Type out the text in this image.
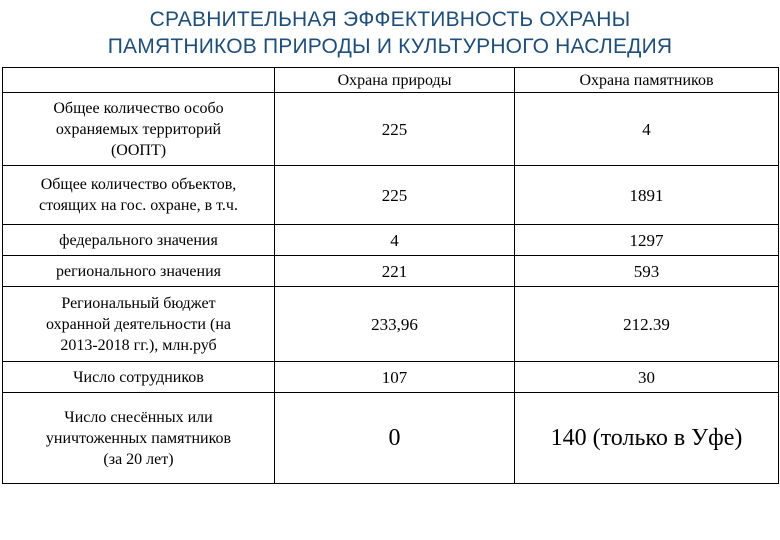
СРАВНИТЕЛЬНАЯ ЭФФЕКТИВНОСТЬ ОХРАНЫ
ПАМЯТНИКОВ ПРИРОДЫ И КУЛЬТУРНОГО НАСЛЕДИЯ
	Охрана природы	Охрана памятников

Общее количество особо
охраняемых территорий
(ООПТ)	225	4

Общее количество объектов,
стоящих на гос. охране, в т.ч.	225	1891

федерального значения	4	1297

регионального значения	221	593

Региональный бюджет
охранной деятельности (на
2013-2018 гг.), млн.руб	233,96	212.39

Число сотрудников	107	30

Число снесённых или
уничтоженных памятников
(за 20 лет)	0	140 (только в Уфе)
